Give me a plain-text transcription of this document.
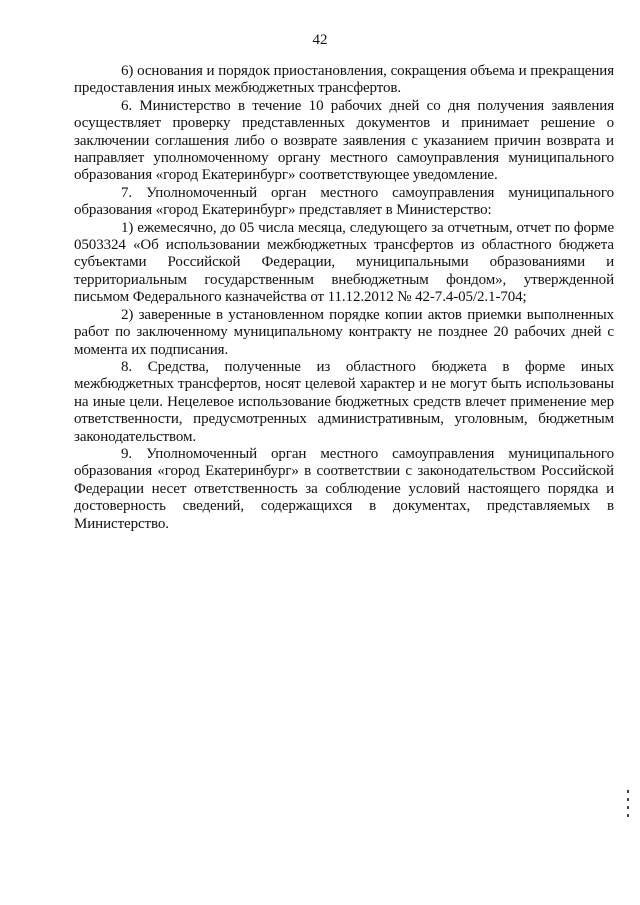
42

6) основания и порядок приостановления, сокращения объема и прекращения предоставления иных межбюджетных трансфертов.

6. Министерство в течение 10 рабочих дней со дня получения заявления осуществляет проверку представленных документов и принимает решение о заключении соглашения либо о возврате заявления с указанием причин возврата и направляет уполномоченному органу местного самоуправления муниципального образования «город Екатеринбург» соответствующее уведомление.

7. Уполномоченный орган местного самоуправления муниципального образования «город Екатеринбург» представляет в Министерство:

1) ежемесячно, до 05 числа месяца, следующего за отчетным, отчет по форме 0503324 «Об использовании межбюджетных трансфертов из областного бюджета субъектами Российской Федерации, муниципальными образованиями и территориальным государственным внебюджетным фондом», утвержденной письмом Федерального казначейства от 11.12.2012 № 42-7.4-05/2.1-704;

2) заверенные в установленном порядке копии актов приемки выполненных работ по заключенному муниципальному контракту не позднее 20 рабочих дней с момента их подписания.

8. Средства, полученные из областного бюджета в форме иных межбюджетных трансфертов, носят целевой характер и не могут быть использованы на иные цели. Нецелевое использование бюджетных средств влечет применение мер ответственности, предусмотренных административным, уголовным, бюджетным законодательством.

9. Уполномоченный орган местного самоуправления муниципального образования «город Екатеринбург» в соответствии с законодательством Российской Федерации несет ответственность за соблюдение условий настоящего порядка и достоверность сведений, содержащихся в документах, представляемых в Министерство.
